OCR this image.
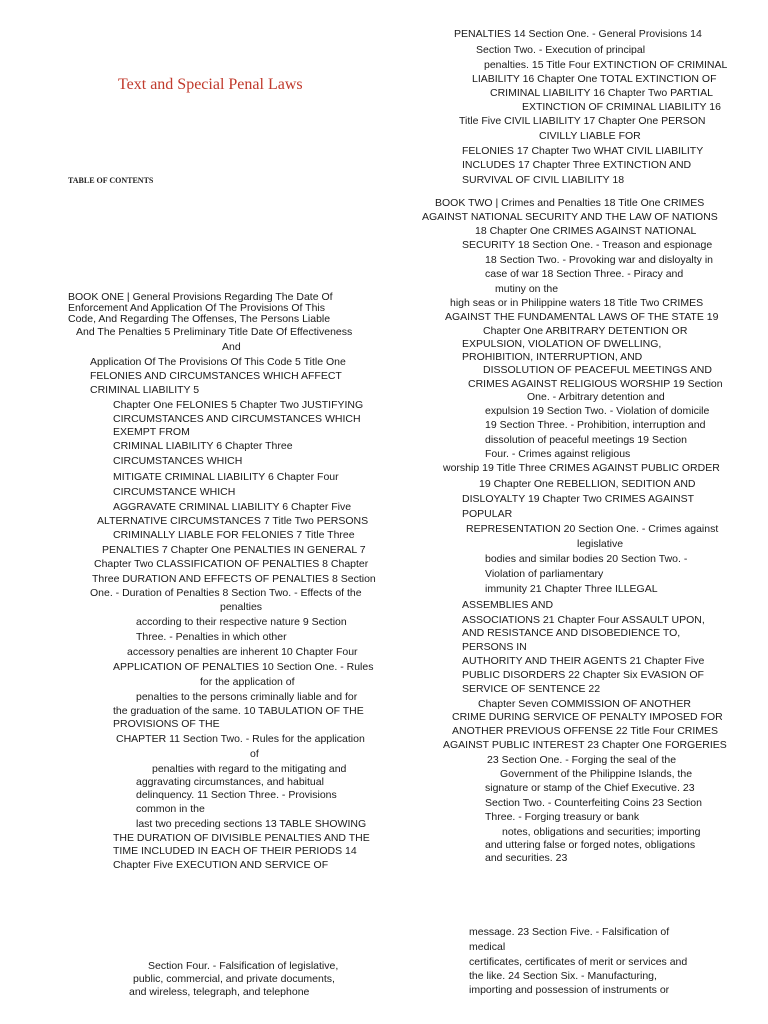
Text and Special Penal Laws
TABLE OF CONTENTS
BOOK ONE | General Provisions Regarding The Date Of
Enforcement And Application Of The Provisions Of This
Code, And Regarding The Offenses, The Persons Liable
And The Penalties 5 Preliminary Title Date Of Effectiveness
And
Application Of The Provisions Of This Code 5 Title One
FELONIES AND CIRCUMSTANCES WHICH AFFECT
CRIMINAL LIABILITY 5
Chapter One FELONIES 5 Chapter Two JUSTIFYING
CIRCUMSTANCES AND CIRCUMSTANCES WHICH
EXEMPT FROM
CRIMINAL LIABILITY 6 Chapter Three
CIRCUMSTANCES WHICH
MITIGATE CRIMINAL LIABILITY 6 Chapter Four
CIRCUMSTANCE WHICH
AGGRAVATE CRIMINAL LIABILITY 6 Chapter Five
ALTERNATIVE CIRCUMSTANCES 7 Title Two PERSONS
CRIMINALLY LIABLE FOR FELONIES 7 Title Three
PENALTIES 7 Chapter One PENALTIES IN GENERAL 7
Chapter Two CLASSIFICATION OF PENALTIES 8 Chapter
Three DURATION AND EFFECTS OF PENALTIES 8 Section
One. - Duration of Penalties 8 Section Two. - Effects of the
penalties
according to their respective nature 9 Section
Three. - Penalties in which other
accessory penalties are inherent 10 Chapter Four
APPLICATION OF PENALTIES 10 Section One. - Rules
for the application of
penalties to the persons criminally liable and for
the graduation of the same. 10 TABULATION OF THE
PROVISIONS OF THE
CHAPTER 11 Section Two. - Rules for the application
of
penalties with regard to the mitigating and
aggravating circumstances, and habitual
delinquency. 11 Section Three. - Provisions
common in the
last two preceding sections 13 TABLE SHOWING
THE DURATION OF DIVISIBLE PENALTIES AND THE
TIME INCLUDED IN EACH OF THEIR PERIODS 14
Chapter Five EXECUTION AND SERVICE OF
Section Four. - Falsification of legislative,
public, commercial, and private documents,
and wireless, telegraph, and telephone
PENALTIES 14 Section One. - General Provisions 14
Section Two. - Execution of principal
penalties. 15 Title Four EXTINCTION OF CRIMINAL
LIABILITY 16 Chapter One TOTAL EXTINCTION OF
CRIMINAL LIABILITY 16 Chapter Two PARTIAL
EXTINCTION OF CRIMINAL LIABILITY 16
Title Five CIVIL LIABILITY 17 Chapter One PERSON
CIVILLY LIABLE FOR
FELONIES 17 Chapter Two WHAT CIVIL LIABILITY
INCLUDES 17 Chapter Three EXTINCTION AND
SURVIVAL OF CIVIL LIABILITY 18
BOOK TWO | Crimes and Penalties 18 Title One CRIMES
AGAINST NATIONAL SECURITY AND THE LAW OF NATIONS
18 Chapter One CRIMES AGAINST NATIONAL
SECURITY 18 Section One. - Treason and espionage
18 Section Two. - Provoking war and disloyalty in
case of war 18 Section Three. - Piracy and
mutiny on the
high seas or in Philippine waters 18 Title Two CRIMES
AGAINST THE FUNDAMENTAL LAWS OF THE STATE 19
Chapter One ARBITRARY DETENTION OR
EXPULSION, VIOLATION OF DWELLING,
PROHIBITION, INTERRUPTION, AND
DISSOLUTION OF PEACEFUL MEETINGS AND
CRIMES AGAINST RELIGIOUS WORSHIP 19 Section
One. - Arbitrary detention and
expulsion 19 Section Two. - Violation of domicile
19 Section Three. - Prohibition, interruption and
dissolution of peaceful meetings 19 Section
Four. - Crimes against religious
worship 19 Title Three CRIMES AGAINST PUBLIC ORDER
19 Chapter One REBELLION, SEDITION AND
DISLOYALTY 19 Chapter Two CRIMES AGAINST
POPULAR
REPRESENTATION 20 Section One. - Crimes against
legislative
bodies and similar bodies 20 Section Two. -
Violation of parliamentary
immunity 21 Chapter Three ILLEGAL
ASSEMBLIES AND
ASSOCIATIONS 21 Chapter Four ASSAULT UPON,
AND RESISTANCE AND DISOBEDIENCE TO,
PERSONS IN
AUTHORITY AND THEIR AGENTS 21 Chapter Five
PUBLIC DISORDERS 22 Chapter Six EVASION OF
SERVICE OF SENTENCE 22
Chapter Seven COMMISSION OF ANOTHER
CRIME DURING SERVICE OF PENALTY IMPOSED FOR
ANOTHER PREVIOUS OFFENSE 22 Title Four CRIMES
AGAINST PUBLIC INTEREST 23 Chapter One FORGERIES
23 Section One. - Forging the seal of the
Government of the Philippine Islands, the
signature or stamp of the Chief Executive. 23
Section Two. - Counterfeiting Coins 23 Section
Three. - Forging treasury or bank
notes, obligations and securities; importing
and uttering false or forged notes, obligations
and securities. 23
message. 23 Section Five. - Falsification of
medical
certificates, certificates of merit or services and
the like. 24 Section Six. - Manufacturing,
importing and possession of instruments or
